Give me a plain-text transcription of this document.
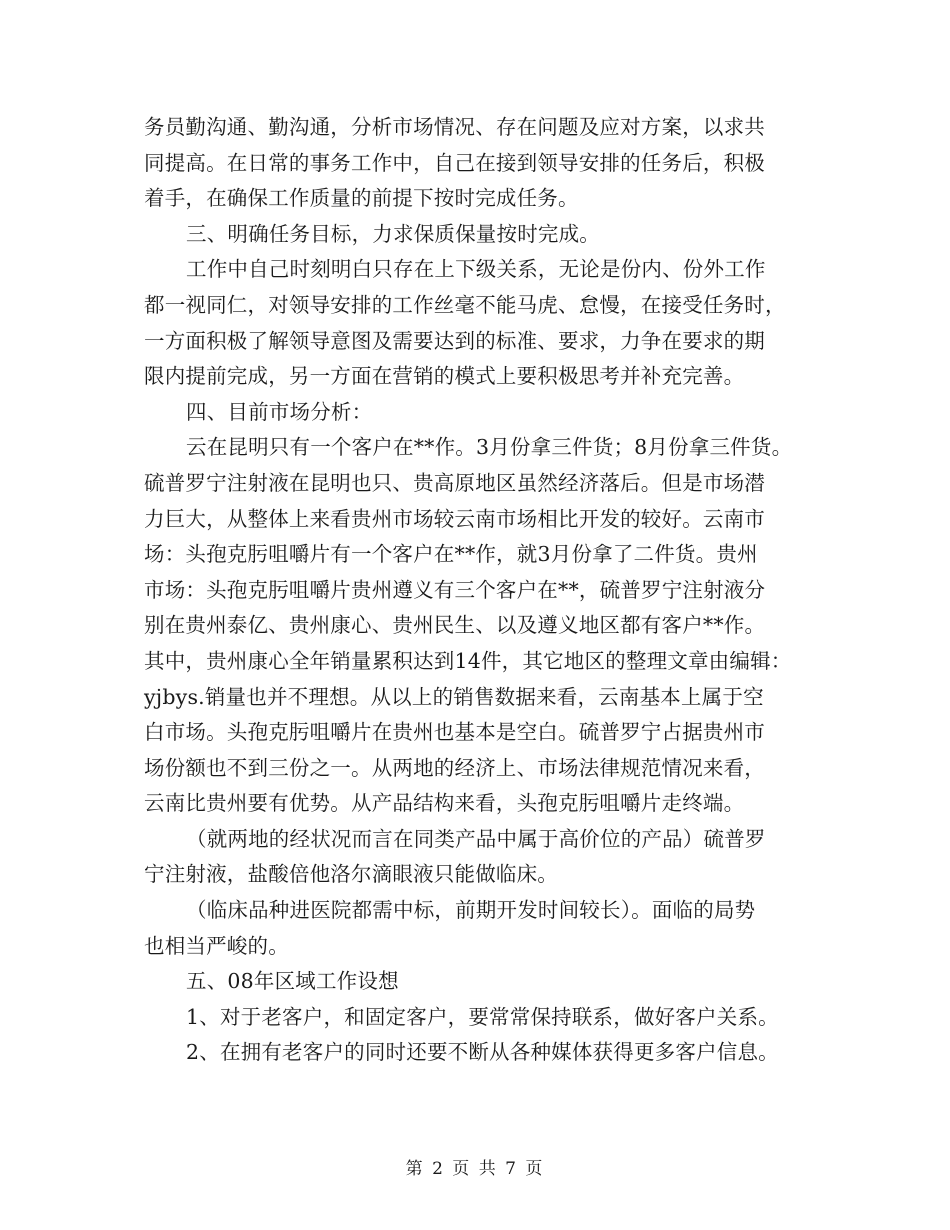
务员勤沟通、勤沟通，分析市场情况、存在问题及应对方案，以求共
同提高。在日常的事务工作中，自己在接到领导安排的任务后，积极
着手，在确保工作质量的前提下按时完成任务。
三、明确任务目标，力求保质保量按时完成。
工作中自己时刻明白只存在上下级关系，无论是份内、份外工作
都一视同仁，对领导安排的工作丝毫不能马虎、怠慢，在接受任务时，
一方面积极了解领导意图及需要达到的标准、要求，力争在要求的期
限内提前完成，另一方面在营销的模式上要积极思考并补充完善。
四、目前市场分析：
云在昆明只有一个客户在**作。3月份拿三件货；8月份拿三件货。
硫普罗宁注射液在昆明也只、贵高原地区虽然经济落后。但是市场潜
力巨大，从整体上来看贵州市场较云南市场相比开发的较好。云南市
场：头孢克肟咀嚼片有一个客户在**作，就3月份拿了二件货。贵州
市场：头孢克肟咀嚼片贵州遵义有三个客户在**，硫普罗宁注射液分
别在贵州泰亿、贵州康心、贵州民生、以及遵义地区都有客户**作。
其中，贵州康心全年销量累积达到14件，其它地区的整理文章由编辑：
yjbys.销量也并不理想。从以上的销售数据来看，云南基本上属于空
白市场。头孢克肟咀嚼片在贵州也基本是空白。硫普罗宁占据贵州市
场份额也不到三份之一。从两地的经济上、市场法律规范情况来看，
云南比贵州要有优势。从产品结构来看，头孢克肟咀嚼片走终端。
（就两地的经状况而言在同类产品中属于高价位的产品）硫普罗
宁注射液，盐酸倍他洛尔滴眼液只能做临床。
（临床品种进医院都需中标，前期开发时间较长）。面临的局势
也相当严峻的。
五、08年区域工作设想
1、对于老客户，和固定客户，要常常保持联系，做好客户关系。
2、在拥有老客户的同时还要不断从各种媒体获得更多客户信息。
第 2 页 共 7 页
